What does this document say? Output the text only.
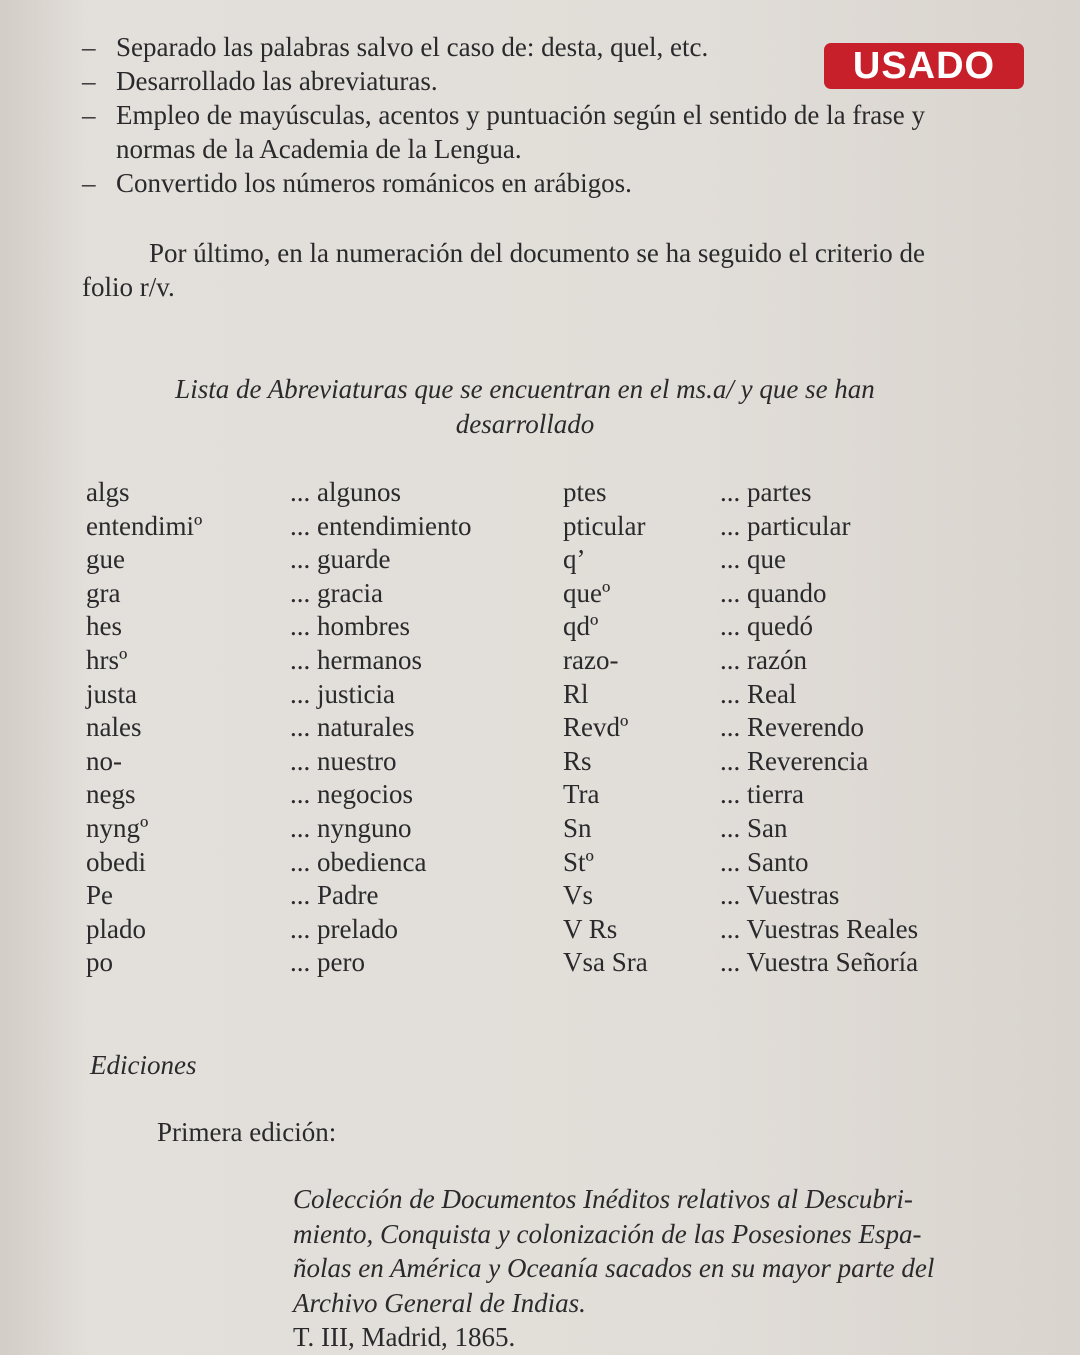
USADO
– Separado las palabras salvo el caso de: desta, quel, etc.
– Desarrollado las abreviaturas.
– Empleo de mayúsculas, acentos y puntuación según el sentido de la frase y normas de la Academia de la Lengua.
– Convertido los números románicos en arábigos.
Por último, en la numeración del documento se ha seguido el criterio de folio r/v.
Lista de Abreviaturas que se encuentran en el ms.a/ y que se han
desarrollado
algs	... algunos	ptes	... partes
entendimiº	... entendimiento	pticular	... particular
gue	... guarde	q’	... que
gra	... gracia	queº	... quando
hes	... hombres	qdº	... quedó
hrsº	... hermanos	razo-	... razón
justa	... justicia	Rl	... Real
nales	... naturales	Revdº	... Reverendo
no-	... nuestro	Rs	... Reverencia
negs	... negocios	Tra	... tierra
nyngº	... nynguno	Sn	... San
obedi	... obedienca	Stº	... Santo
Pe	... Padre	Vs	... Vuestras
plado	... prelado	V Rs	... Vuestras Reales
po	... pero	Vsa Sra	... Vuestra Señoría
Ediciones
Primera edición:
Colección de Documentos Inéditos relativos al Descubri-
miento, Conquista y colonización de las Posesiones Espa-
ñolas en América y Oceanía sacados en su mayor parte del
Archivo General de Indias.
T. III, Madrid, 1865.
